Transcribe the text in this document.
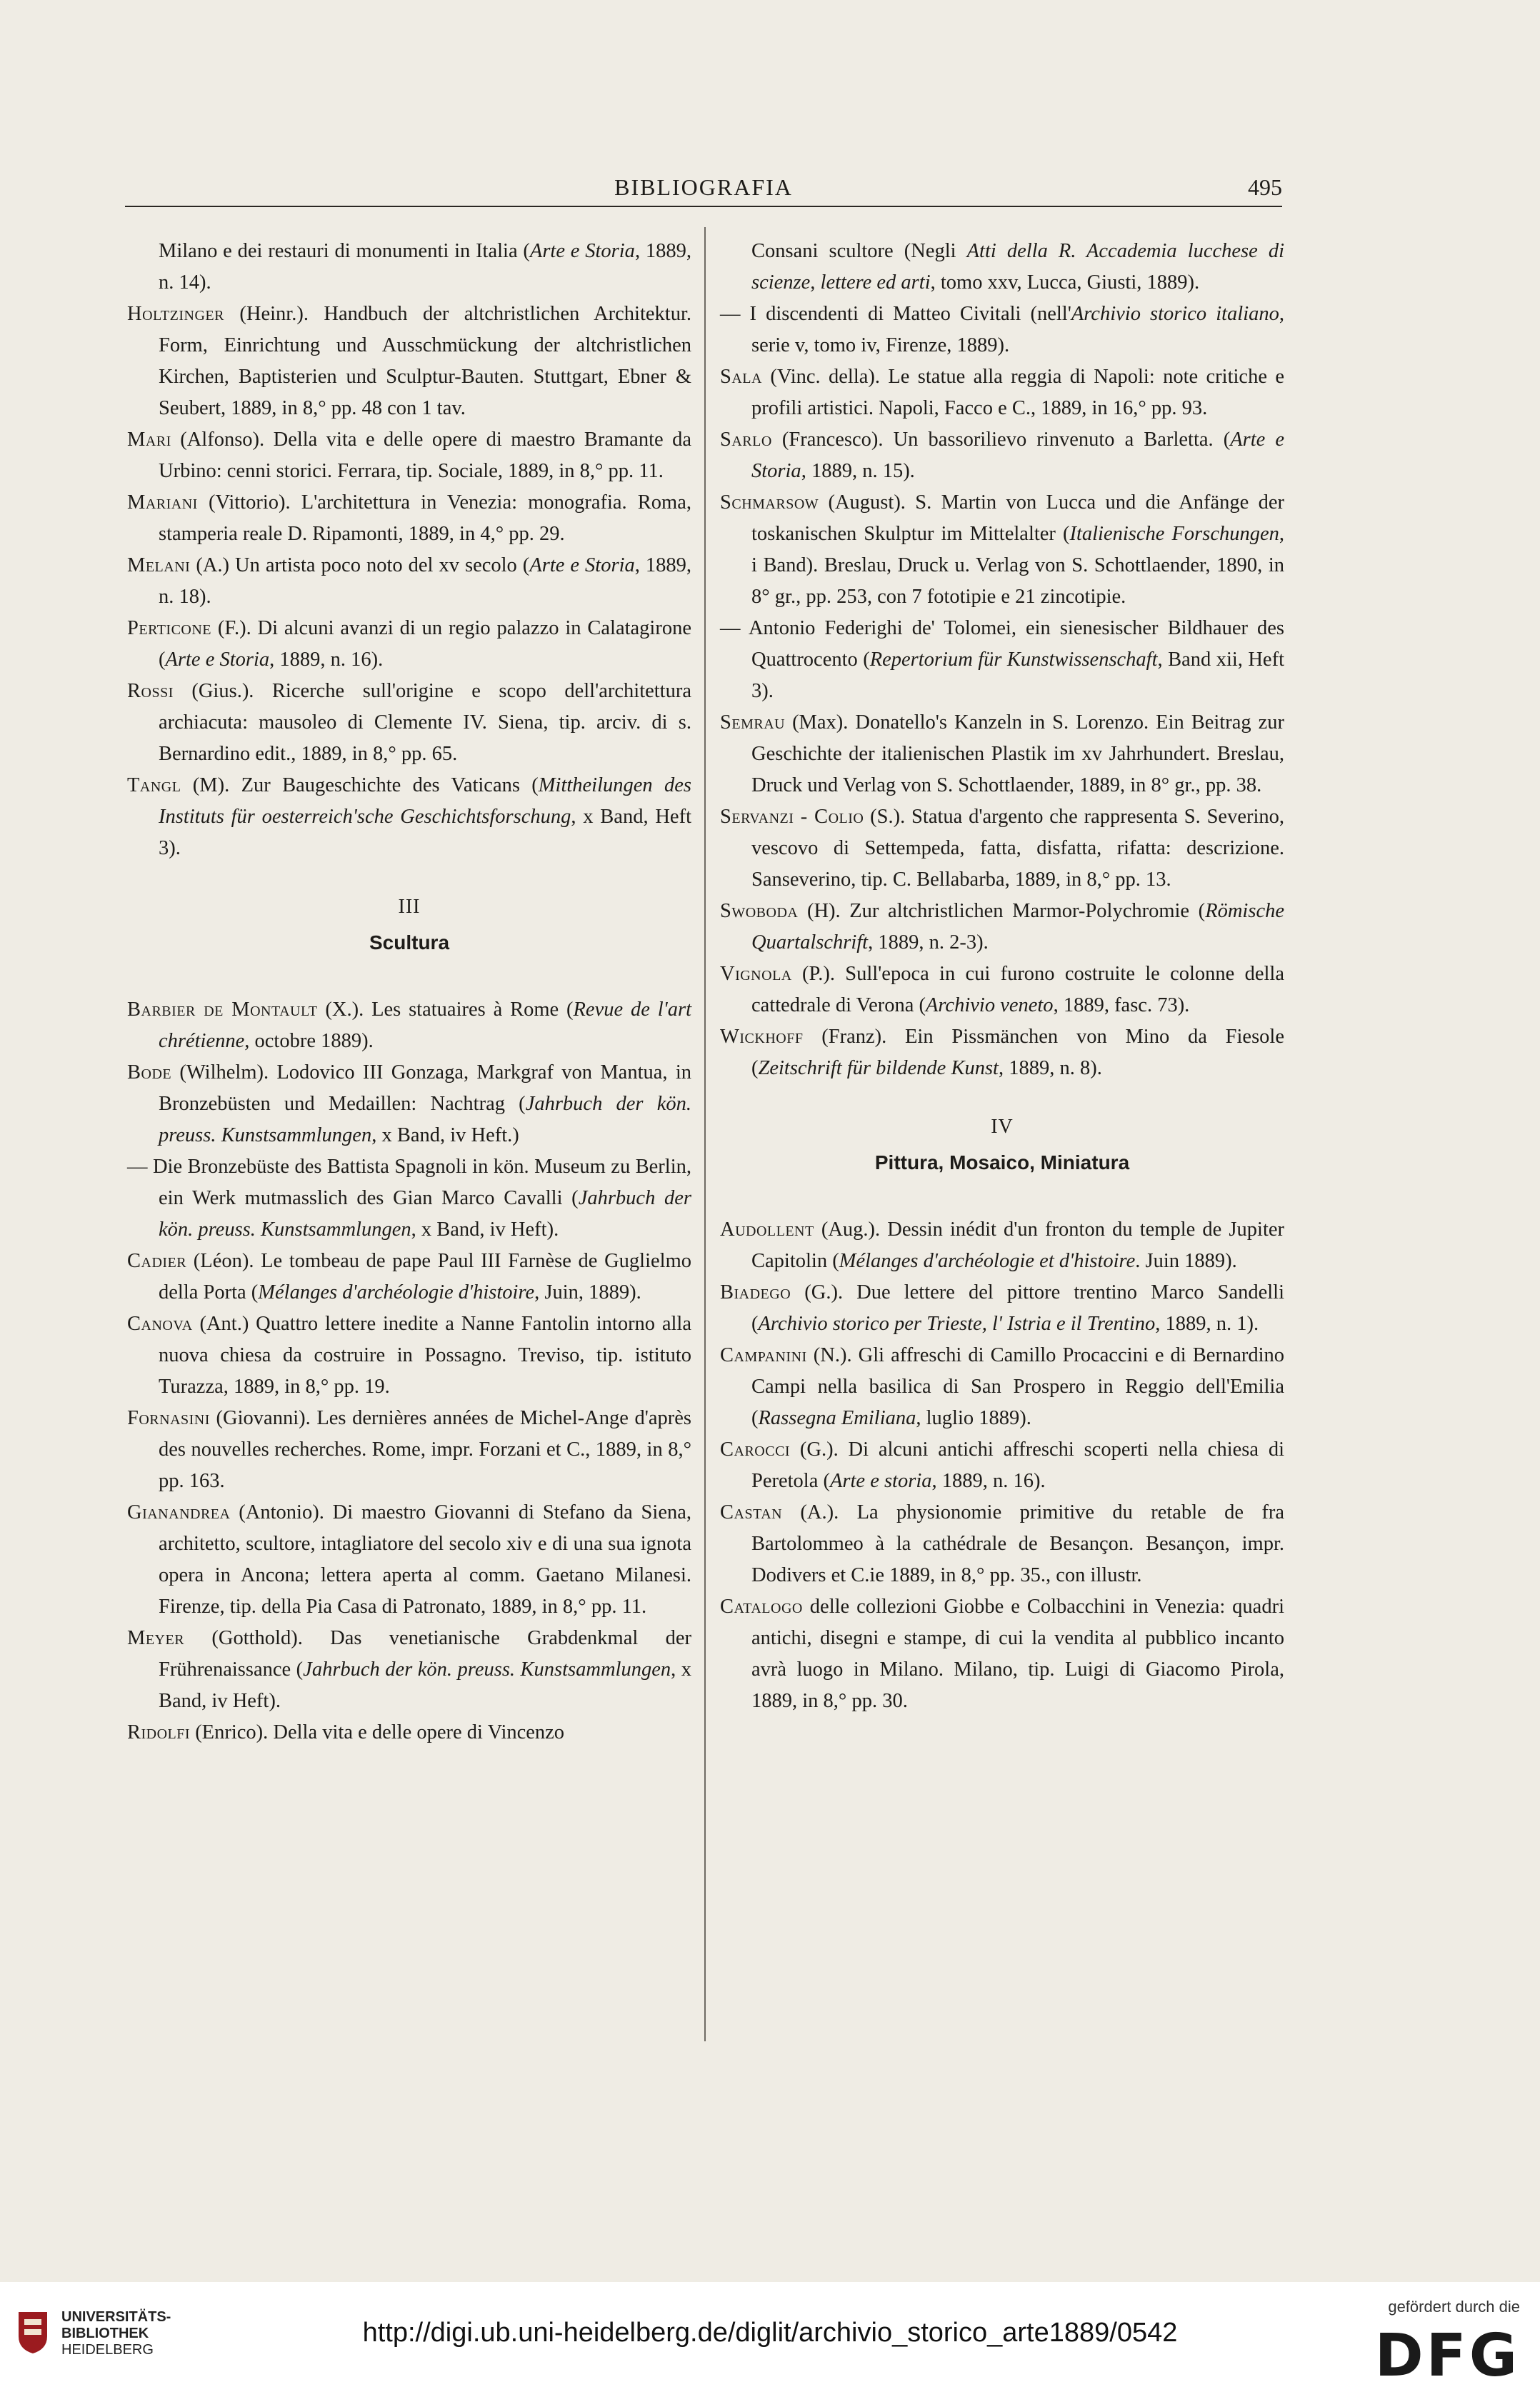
BIBLIOGRAFIA	495
Milano e dei restauri di monumenti in Italia (Arte e Storia, 1889, n. 14).
Holtzinger (Heinr.). Handbuch der altchristlichen Architektur. Form, Einrichtung und Ausschmückung der altchristlichen Kirchen, Baptisterien und Sculptur-Bauten. Stuttgart, Ebner & Seubert, 1889, in 8,° pp. 48 con 1 tav.
Mari (Alfonso). Della vita e delle opere di maestro Bramante da Urbino: cenni storici. Ferrara, tip. Sociale, 1889, in 8,° pp. 11.
Mariani (Vittorio). L'architettura in Venezia: monografia. Roma, stamperia reale D. Ripamonti, 1889, in 4,° pp. 29.
Melani (A.) Un artista poco noto del xv secolo (Arte e Storia, 1889, n. 18).
Perticone (F.). Di alcuni avanzi di un regio palazzo in Calatagirone (Arte e Storia, 1889, n. 16).
Rossi (Gius.). Ricerche sull'origine e scopo dell'architettura archiacuta: mausoleo di Clemente IV. Siena, tip. arciv. di s. Bernardino edit., 1889, in 8,° pp. 65.
Tangl (M). Zur Baugeschichte des Vaticans (Mittheilungen des Instituts für oesterreich'sche Geschichtsforschung, x Band, Heft 3).
III
Scultura
Barbier de Montault (X.). Les statuaires à Rome (Revue de l'art chrétienne, octobre 1889).
Bode (Wilhelm). Lodovico III Gonzaga, Markgraf von Mantua, in Bronzebüsten und Medaillen: Nachtrag (Jahrbuch der kön. preuss. Kunstsammlungen, x Band, iv Heft.)
— Die Bronzebüste des Battista Spagnoli in kön. Museum zu Berlin, ein Werk mutmasslich des Gian Marco Cavalli (Jahrbuch der kön. preuss. Kunstsammlungen, x Band, iv Heft).
Cadier (Léon). Le tombeau de pape Paul III Farnèse de Guglielmo della Porta (Mélanges d'archéologie d'histoire, Juin, 1889).
Canova (Ant.) Quattro lettere inedite a Nanne Fantolin intorno alla nuova chiesa da costruire in Possagno. Treviso, tip. istituto Turazza, 1889, in 8,° pp. 19.
Fornasini (Giovanni). Les dernières années de Michel-Ange d'après des nouvelles recherches. Rome, impr. Forzani et C., 1889, in 8,° pp. 163.
Gianandrea (Antonio). Di maestro Giovanni di Stefano da Siena, architetto, scultore, intagliatore del secolo xiv e di una sua ignota opera in Ancona; lettera aperta al comm. Gaetano Milanesi. Firenze, tip. della Pia Casa di Patronato, 1889, in 8,° pp. 11.
Meyer (Gotthold). Das venetianische Grabdenkmal der Frührenaissance (Jahrbuch der kön. preuss. Kunstsammlungen, x Band, iv Heft).
Ridolfi (Enrico). Della vita e delle opere di Vincenzo
Consani scultore (Negli Atti della R. Accademia lucchese di scienze, lettere ed arti, tomo xxv, Lucca, Giusti, 1889).
— I discendenti di Matteo Civitali (nell'Archivio storico italiano, serie v, tomo iv, Firenze, 1889).
Sala (Vinc. della). Le statue alla reggia di Napoli: note critiche e profili artistici. Napoli, Facco e C., 1889, in 16,° pp. 93.
Sarlo (Francesco). Un bassorilievo rinvenuto a Barletta. (Arte e Storia, 1889, n. 15).
Schmarsow (August). S. Martin von Lucca und die Anfänge der toskanischen Skulptur im Mittelalter (Italienische Forschungen, i Band). Breslau, Druck u. Verlag von S. Schottlaender, 1890, in 8° gr., pp. 253, con 7 fototipie e 21 zincotipie.
— Antonio Federighi de' Tolomei, ein sienesischer Bildhauer des Quattrocento (Repertorium für Kunstwissenschaft, Band xii, Heft 3).
Semrau (Max). Donatello's Kanzeln in S. Lorenzo. Ein Beitrag zur Geschichte der italienischen Plastik im xv Jahrhundert. Breslau, Druck und Verlag von S. Schottlaender, 1889, in 8° gr., pp. 38.
Servanzi - Colio (S.). Statua d'argento che rappresenta S. Severino, vescovo di Settempeda, fatta, disfatta, rifatta: descrizione. Sanseverino, tip. C. Bellabarba, 1889, in 8,° pp. 13.
Swoboda (H). Zur altchristlichen Marmor-Polychromie (Römische Quartalschrift, 1889, n. 2-3).
Vignola (P.). Sull'epoca in cui furono costruite le colonne della cattedrale di Verona (Archivio veneto, 1889, fasc. 73).
Wickhoff (Franz). Ein Pissmänchen von Mino da Fiesole (Zeitschrift für bildende Kunst, 1889, n. 8).
IV
Pittura, Mosaico, Miniatura
Audollent (Aug.). Dessin inédit d'un fronton du temple de Jupiter Capitolin (Mélanges d'archéologie et d'histoire. Juin 1889).
Biadego (G.). Due lettere del pittore trentino Marco Sandelli (Archivio storico per Trieste, l' Istria e il Trentino, 1889, n. 1).
Campanini (N.). Gli affreschi di Camillo Procaccini e di Bernardino Campi nella basilica di San Prospero in Reggio dell'Emilia (Rassegna Emiliana, luglio 1889).
Carocci (G.). Di alcuni antichi affreschi scoperti nella chiesa di Peretola (Arte e storia, 1889, n. 16).
Castan (A.). La physionomie primitive du retable de fra Bartolommeo à la cathédrale de Besançon. Besançon, impr. Dodivers et C.ie 1889, in 8,° pp. 35., con illustr.
Catalogo delle collezioni Giobbe e Colbacchini in Venezia: quadri antichi, disegni e stampe, di cui la vendita al pubblico incanto avrà luogo in Milano. Milano, tip. Luigi di Giacomo Pirola, 1889, in 8,° pp. 30.
UNIVERSITÄTS-
BIBLIOTHEK
HEIDELBERG
http://digi.ub.uni-heidelberg.de/diglit/archivio_storico_arte1889/0542
gefördert durch die
DFG
